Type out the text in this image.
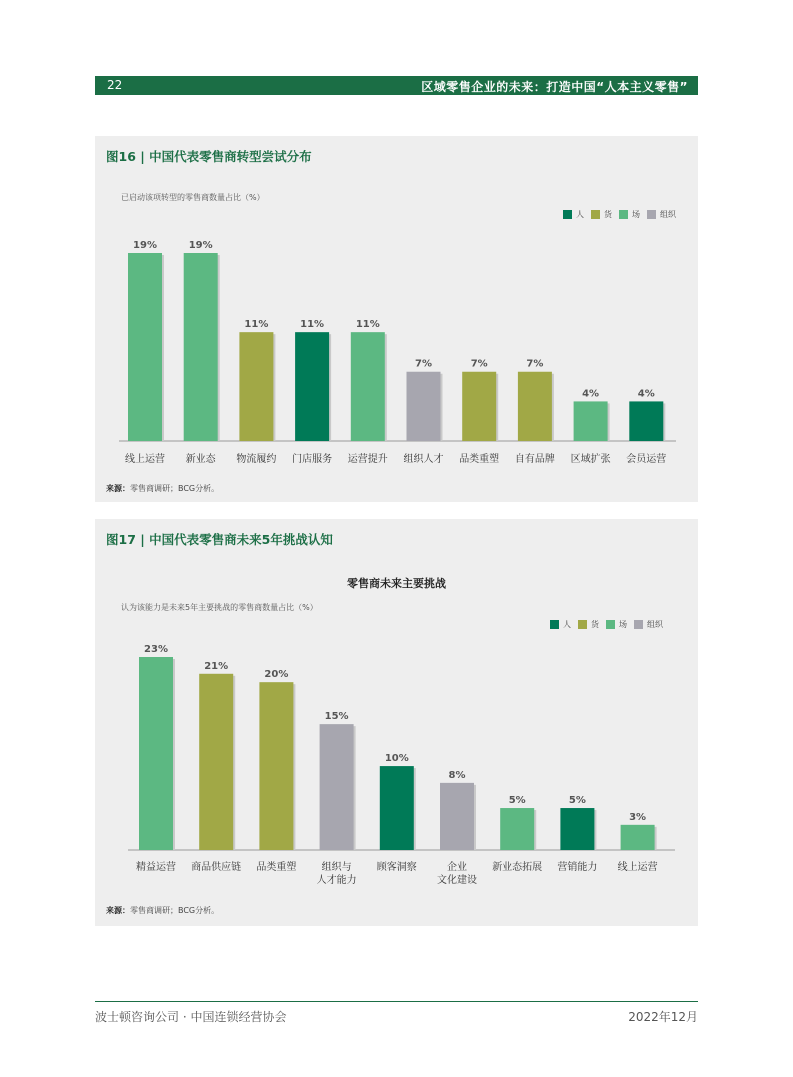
22	区域零售企业的未来：打造中国“人本主义零售”
图16 | 中国代表零售商转型尝试分布
已启动该项转型的零售商数量占比（%）
人	货	场	组织
19%
线上运营
19%
新业态
11%
物流履约
11%
门店服务
11%
运营提升
7%
组织人才
7%
品类重塑
7%
自有品牌
4%
区域扩张
4%
会员运营
来源：零售商调研；BCG分析。
图17 | 中国代表零售商未来5年挑战认知
零售商未来主要挑战
认为该能力是未来5年主要挑战的零售商数量占比（%）
人	货	场	组织
23%
精益运营
21%
商品供应链
20%
品类重塑
15%
组织与人才能力
10%
顾客洞察
8%
企业文化建设
5%
新业态拓展
5%
营销能力
3%
线上运营
来源：零售商调研；BCG分析。
波士顿咨询公司 · 中国连锁经营协会	2022年12月
